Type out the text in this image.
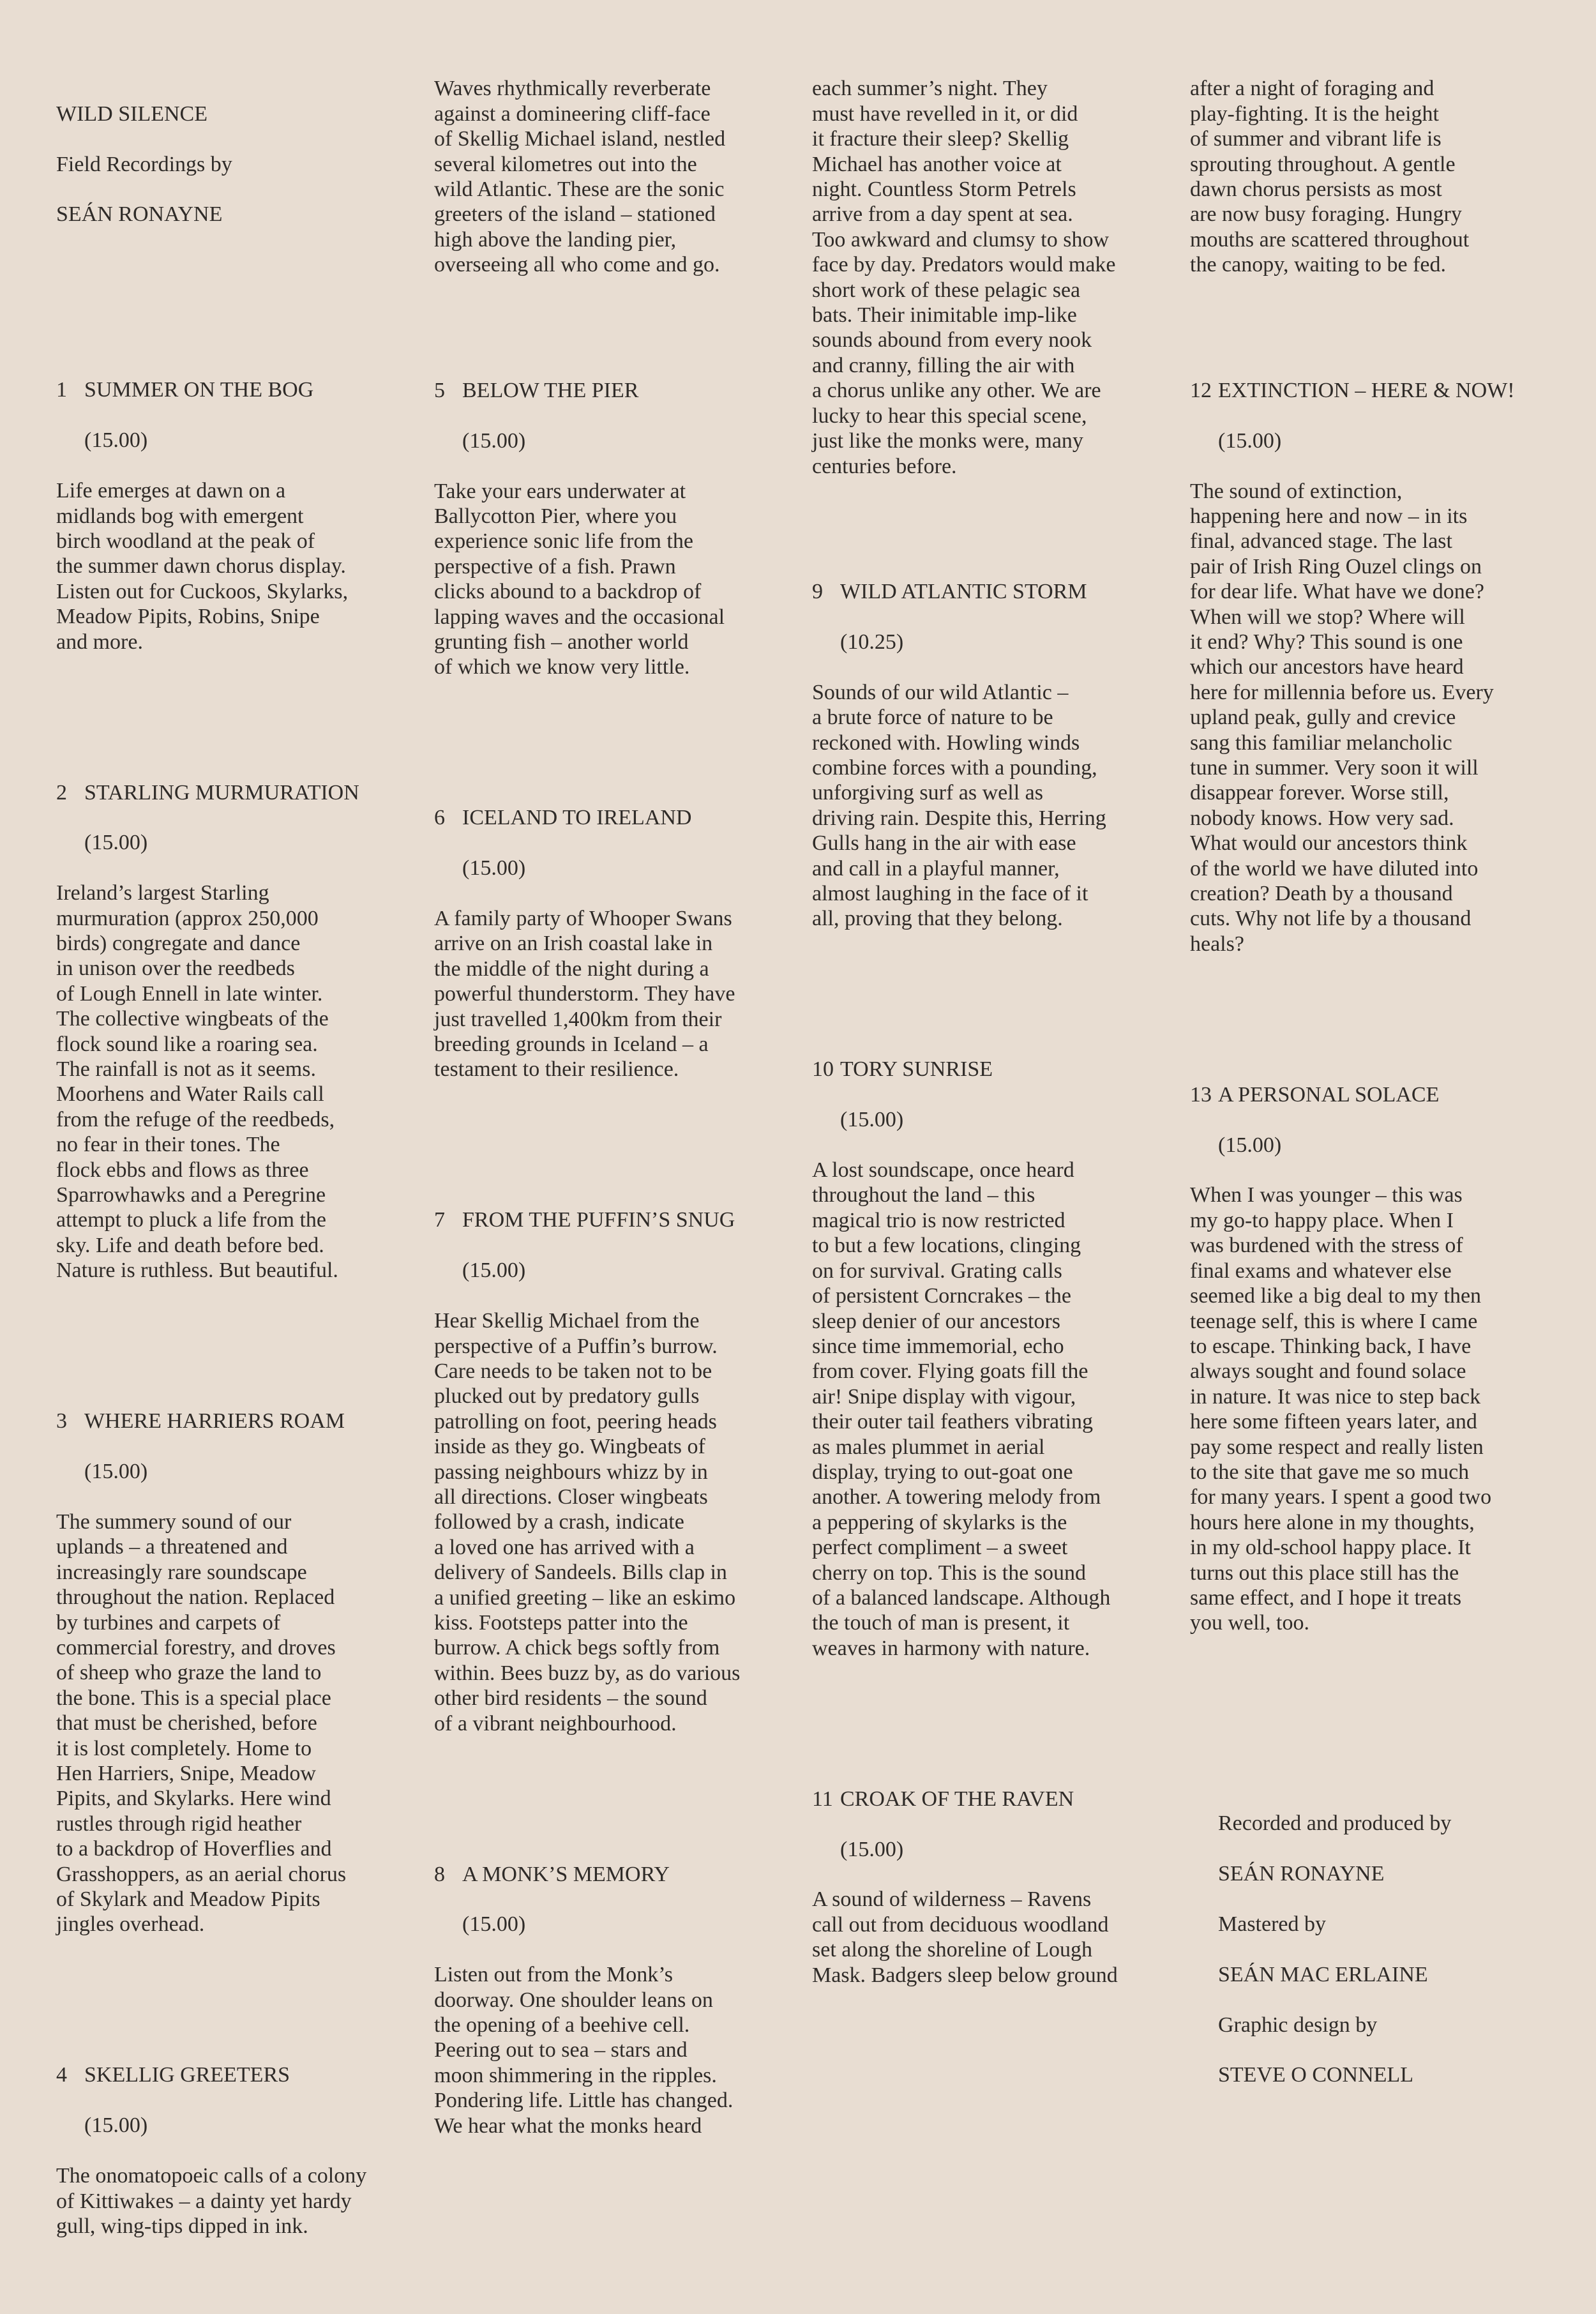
WILD SILENCE

Field Recordings by

SEÁN RONAYNE

1 SUMMER ON THE BOG

(15.00)

Life emerges at dawn on a
midlands bog with emergent
birch woodland at the peak of
the summer dawn chorus display.
Listen out for Cuckoos, Skylarks,
Meadow Pipits, Robins, Snipe
and more.

2 STARLING MURMURATION

(15.00)

Ireland’s largest Starling
murmuration (approx 250,000
birds) congregate and dance
in unison over the reedbeds
of Lough Ennell in late winter.
The collective wingbeats of the
flock sound like a roaring sea.
The rainfall is not as it seems.
Moorhens and Water Rails call
from the refuge of the reedbeds,
no fear in their tones. The
flock ebbs and flows as three
Sparrowhawks and a Peregrine
attempt to pluck a life from the
sky. Life and death before bed.
Nature is ruthless. But beautiful.

3 WHERE HARRIERS ROAM

(15.00)

The summery sound of our
uplands – a threatened and
increasingly rare soundscape
throughout the nation. Replaced
by turbines and carpets of
commercial forestry, and droves
of sheep who graze the land to
the bone. This is a special place
that must be cherished, before
it is lost completely. Home to
Hen Harriers, Snipe, Meadow
Pipits, and Skylarks. Here wind
rustles through rigid heather
to a backdrop of Hoverflies and
Grasshoppers, as an aerial chorus
of Skylark and Meadow Pipits
jingles overhead.

4 SKELLIG GREETERS

(15.00)

The onomatopoeic calls of a colony
of Kittiwakes – a dainty yet hardy
gull, wing-tips dipped in ink.

Waves rhythmically reverberate
against a domineering cliff-face
of Skellig Michael island, nestled
several kilometres out into the
wild Atlantic. These are the sonic
greeters of the island – stationed
high above the landing pier,
overseeing all who come and go.

5 BELOW THE PIER

(15.00)

Take your ears underwater at
Ballycotton Pier, where you
experience sonic life from the
perspective of a fish. Prawn
clicks abound to a backdrop of
lapping waves and the occasional
grunting fish – another world
of which we know very little.

6 ICELAND TO IRELAND

(15.00)

A family party of Whooper Swans
arrive on an Irish coastal lake in
the middle of the night during a
powerful thunderstorm. They have
just travelled 1,400km from their
breeding grounds in Iceland – a
testament to their resilience.

7 FROM THE PUFFIN’S SNUG

(15.00)

Hear Skellig Michael from the
perspective of a Puffin’s burrow.
Care needs to be taken not to be
plucked out by predatory gulls
patrolling on foot, peering heads
inside as they go. Wingbeats of
passing neighbours whizz by in
all directions. Closer wingbeats
followed by a crash, indicate
a loved one has arrived with a
delivery of Sandeels. Bills clap in
a unified greeting – like an eskimo
kiss. Footsteps patter into the
burrow. A chick begs softly from
within. Bees buzz by, as do various
other bird residents – the sound
of a vibrant neighbourhood.

8 A MONK’S MEMORY

(15.00)

Listen out from the Monk’s
doorway. One shoulder leans on
the opening of a beehive cell.
Peering out to sea – stars and
moon shimmering in the ripples.
Pondering life. Little has changed.
We hear what the monks heard

each summer’s night. They
must have revelled in it, or did
it fracture their sleep? Skellig
Michael has another voice at
night. Countless Storm Petrels
arrive from a day spent at sea.
Too awkward and clumsy to show
face by day. Predators would make
short work of these pelagic sea
bats. Their inimitable imp-like
sounds abound from every nook
and cranny, filling the air with
a chorus unlike any other. We are
lucky to hear this special scene,
just like the monks were, many
centuries before.

9 WILD ATLANTIC STORM

(10.25)

Sounds of our wild Atlantic –
a brute force of nature to be
reckoned with. Howling winds
combine forces with a pounding,
unforgiving surf as well as
driving rain. Despite this, Herring
Gulls hang in the air with ease
and call in a playful manner,
almost laughing in the face of it
all, proving that they belong.

10 TORY SUNRISE

(15.00)

A lost soundscape, once heard
throughout the land – this
magical trio is now restricted
to but a few locations, clinging
on for survival. Grating calls
of persistent Corncrakes – the
sleep denier of our ancestors
since time immemorial, echo
from cover. Flying goats fill the
air! Snipe display with vigour,
their outer tail feathers vibrating
as males plummet in aerial
display, trying to out-goat one
another. A towering melody from
a peppering of skylarks is the
perfect compliment – a sweet
cherry on top. This is the sound
of a balanced landscape. Although
the touch of man is present, it
weaves in harmony with nature.

11 CROAK OF THE RAVEN

(15.00)

A sound of wilderness – Ravens
call out from deciduous woodland
set along the shoreline of Lough
Mask. Badgers sleep below ground

after a night of foraging and
play-fighting. It is the height
of summer and vibrant life is
sprouting throughout. A gentle
dawn chorus persists as most
are now busy foraging. Hungry
mouths are scattered throughout
the canopy, waiting to be fed.

12 EXTINCTION – HERE & NOW!

(15.00)

The sound of extinction,
happening here and now – in its
final, advanced stage. The last
pair of Irish Ring Ouzel clings on
for dear life. What have we done?
When will we stop? Where will
it end? Why? This sound is one
which our ancestors have heard
here for millennia before us. Every
upland peak, gully and crevice
sang this familiar melancholic
tune in summer. Very soon it will
disappear forever. Worse still,
nobody knows. How very sad.
What would our ancestors think
of the world we have diluted into
creation? Death by a thousand
cuts. Why not life by a thousand
heals?

13 A PERSONAL SOLACE

(15.00)

When I was younger – this was
my go-to happy place. When I
was burdened with the stress of
final exams and whatever else
seemed like a big deal to my then
teenage self, this is where I came
to escape. Thinking back, I have
always sought and found solace
in nature. It was nice to step back
here some fifteen years later, and
pay some respect and really listen
to the site that gave me so much
for many years. I spent a good two
hours here alone in my thoughts,
in my old-school happy place. It
turns out this place still has the
same effect, and I hope it treats
you well, too.

Recorded and produced by

SEÁN RONAYNE

Mastered by

SEÁN MAC ERLAINE

Graphic design by

STEVE O CONNELL
